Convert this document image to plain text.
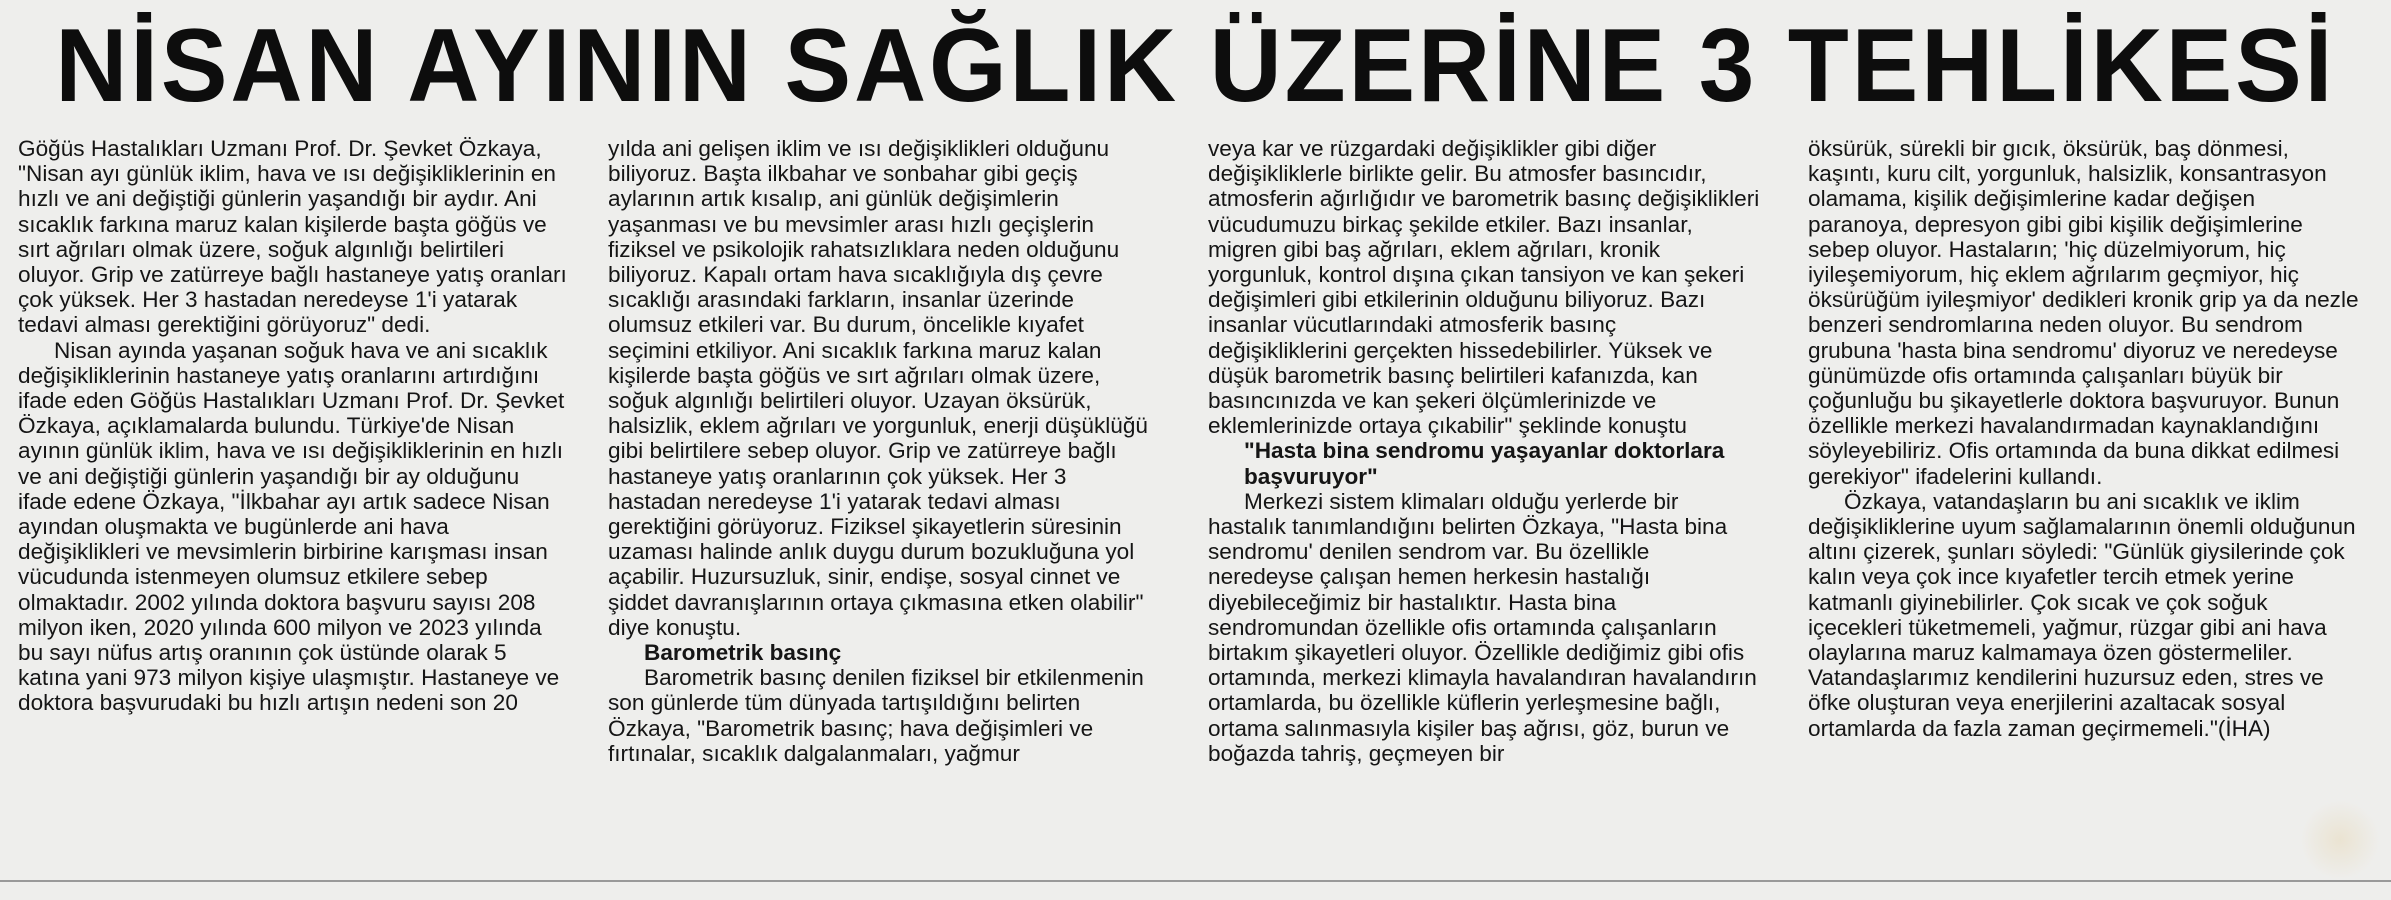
NİSAN AYININ SAĞLIK ÜZERİNE 3 TEHLİKESİ

Göğüs Hastalıkları Uzmanı Prof. Dr. Şevket Özkaya, "Nisan ayı günlük iklim, hava ve ısı değişikliklerinin en hızlı ve ani değiştiği günlerin yaşandığı bir aydır. Ani sıcaklık farkına maruz kalan kişilerde başta göğüs ve sırt ağrıları olmak üzere, soğuk algınlığı belirtileri oluyor. Grip ve zatürreye bağlı hastaneye yatış oranları çok yüksek. Her 3 hastadan neredeyse 1'i yatarak tedavi alması gerektiğini görüyoruz" dedi.

Nisan ayında yaşanan soğuk hava ve ani sıcaklık değişikliklerinin hastaneye yatış oranlarını artırdığını ifade eden Göğüs Hastalıkları Uzmanı Prof. Dr. Şevket Özkaya, açıklamalarda bulundu. Türkiye'de Nisan ayının günlük iklim, hava ve ısı değişikliklerinin en hızlı ve ani değiştiği günlerin yaşandığı bir ay olduğunu ifade edene Özkaya, "İlkbahar ayı artık sadece Nisan ayından oluşmakta ve bugünlerde ani hava değişiklikleri ve mevsimlerin birbirine karışması insan vücudunda istenmeyen olumsuz etkilere sebep olmaktadır. 2002 yılında doktora başvuru sayısı 208 milyon iken, 2020 yılında 600 milyon ve 2023 yılında bu sayı nüfus artış oranının çok üstünde olarak 5 katına yani 973 milyon kişiye ulaşmıştır. Hastaneye ve doktora başvurudaki bu hızlı artışın nedeni son 20

yılda ani gelişen iklim ve ısı değişiklikleri olduğunu biliyoruz. Başta ilkbahar ve sonbahar gibi geçiş aylarının artık kısalıp, ani günlük değişimlerin yaşanması ve bu mevsimler arası hızlı geçişlerin fiziksel ve psikolojik rahatsızlıklara neden olduğunu biliyoruz. Kapalı ortam hava sıcaklığıyla dış çevre sıcaklığı arasındaki farkların, insanlar üzerinde olumsuz etkileri var. Bu durum, öncelikle kıyafet seçimini etkiliyor. Ani sıcaklık farkına maruz kalan kişilerde başta göğüs ve sırt ağrıları olmak üzere, soğuk algınlığı belirtileri oluyor. Uzayan öksürük, halsizlik, eklem ağrıları ve yorgunluk, enerji düşüklüğü gibi belirtilere sebep oluyor. Grip ve zatürreye bağlı hastaneye yatış oranlarının çok yüksek. Her 3 hastadan neredeyse 1'i yatarak tedavi alması gerektiğini görüyoruz. Fiziksel şikayetlerin süresinin uzaması halinde anlık duygu durum bozukluğuna yol açabilir. Huzursuzluk, sinir, endişe, sosyal cinnet ve şiddet davranışlarının ortaya çıkmasına etken olabilir" diye konuştu.

Barometrik basınç

Barometrik basınç denilen fiziksel bir etkilenmenin son günlerde tüm dünyada tartışıldığını belirten Özkaya, "Barometrik basınç; hava değişimleri ve fırtınalar, sıcaklık dalgalanmaları, yağmur

veya kar ve rüzgardaki değişiklikler gibi diğer değişikliklerle birlikte gelir. Bu atmosfer basıncıdır, atmosferin ağırlığıdır ve barometrik basınç değişiklikleri vücudumuzu birkaç şekilde etkiler. Bazı insanlar, migren gibi baş ağrıları, eklem ağrıları, kronik yorgunluk, kontrol dışına çıkan tansiyon ve kan şekeri değişimleri gibi etkilerinin olduğunu biliyoruz. Bazı insanlar vücutlarındaki atmosferik basınç değişikliklerini gerçekten hissedebilirler. Yüksek ve düşük barometrik basınç belirtileri kafanızda, kan basıncınızda ve kan şekeri ölçümlerinizde ve eklemlerinizde ortaya çıkabilir" şeklinde konuştu

"Hasta bina sendromu yaşayanlar doktorlara başvuruyor"

Merkezi sistem klimaları olduğu yerlerde bir hastalık tanımlandığını belirten Özkaya, "Hasta bina sendromu' denilen sendrom var. Bu özellikle neredeyse çalışan hemen herkesin hastalığı diyebileceğimiz bir hastalıktır. Hasta bina sendromundan özellikle ofis ortamında çalışanların birtakım şikayetleri oluyor. Özellikle dediğimiz gibi ofis ortamında, merkezi klimayla havalandıran havalandırın ortamlarda, bu özellikle küflerin yerleşmesine bağlı, ortama salınmasıyla kişiler baş ağrısı, göz, burun ve boğazda tahriş, geçmeyen bir

öksürük, sürekli bir gıcık, öksürük, baş dönmesi, kaşıntı, kuru cilt, yorgunluk, halsizlik, konsantrasyon olamama, kişilik değişimlerine kadar değişen paranoya, depresyon gibi gibi kişilik değişimlerine sebep oluyor. Hastaların; 'hiç düzelmiyorum, hiç iyileşemiyorum, hiç eklem ağrılarım geçmiyor, hiç öksürüğüm iyileşmiyor' dedikleri kronik grip ya da nezle benzeri sendromlarına neden oluyor. Bu sendrom grubuna 'hasta bina sendromu' diyoruz ve neredeyse günümüzde ofis ortamında çalışanları büyük bir çoğunluğu bu şikayetlerle doktora başvuruyor. Bunun özellikle merkezi havalandırmadan kaynaklandığını söyleyebiliriz. Ofis ortamında da buna dikkat edilmesi gerekiyor" ifadelerini kullandı.

Özkaya, vatandaşların bu ani sıcaklık ve iklim değişikliklerine uyum sağlamalarının önemli olduğunun altını çizerek, şunları söyledi: "Günlük giysilerinde çok kalın veya çok ince kıyafetler tercih etmek yerine katmanlı giyinebilirler. Çok sıcak ve çok soğuk içecekleri tüketmemeli, yağmur, rüzgar gibi ani hava olaylarına maruz kalmamaya özen göstermeliler. Vatandaşlarımız kendilerini huzursuz eden, stres ve öfke oluşturan veya enerjilerini azaltacak sosyal ortamlarda da fazla zaman geçirmemeli."(İHA)
